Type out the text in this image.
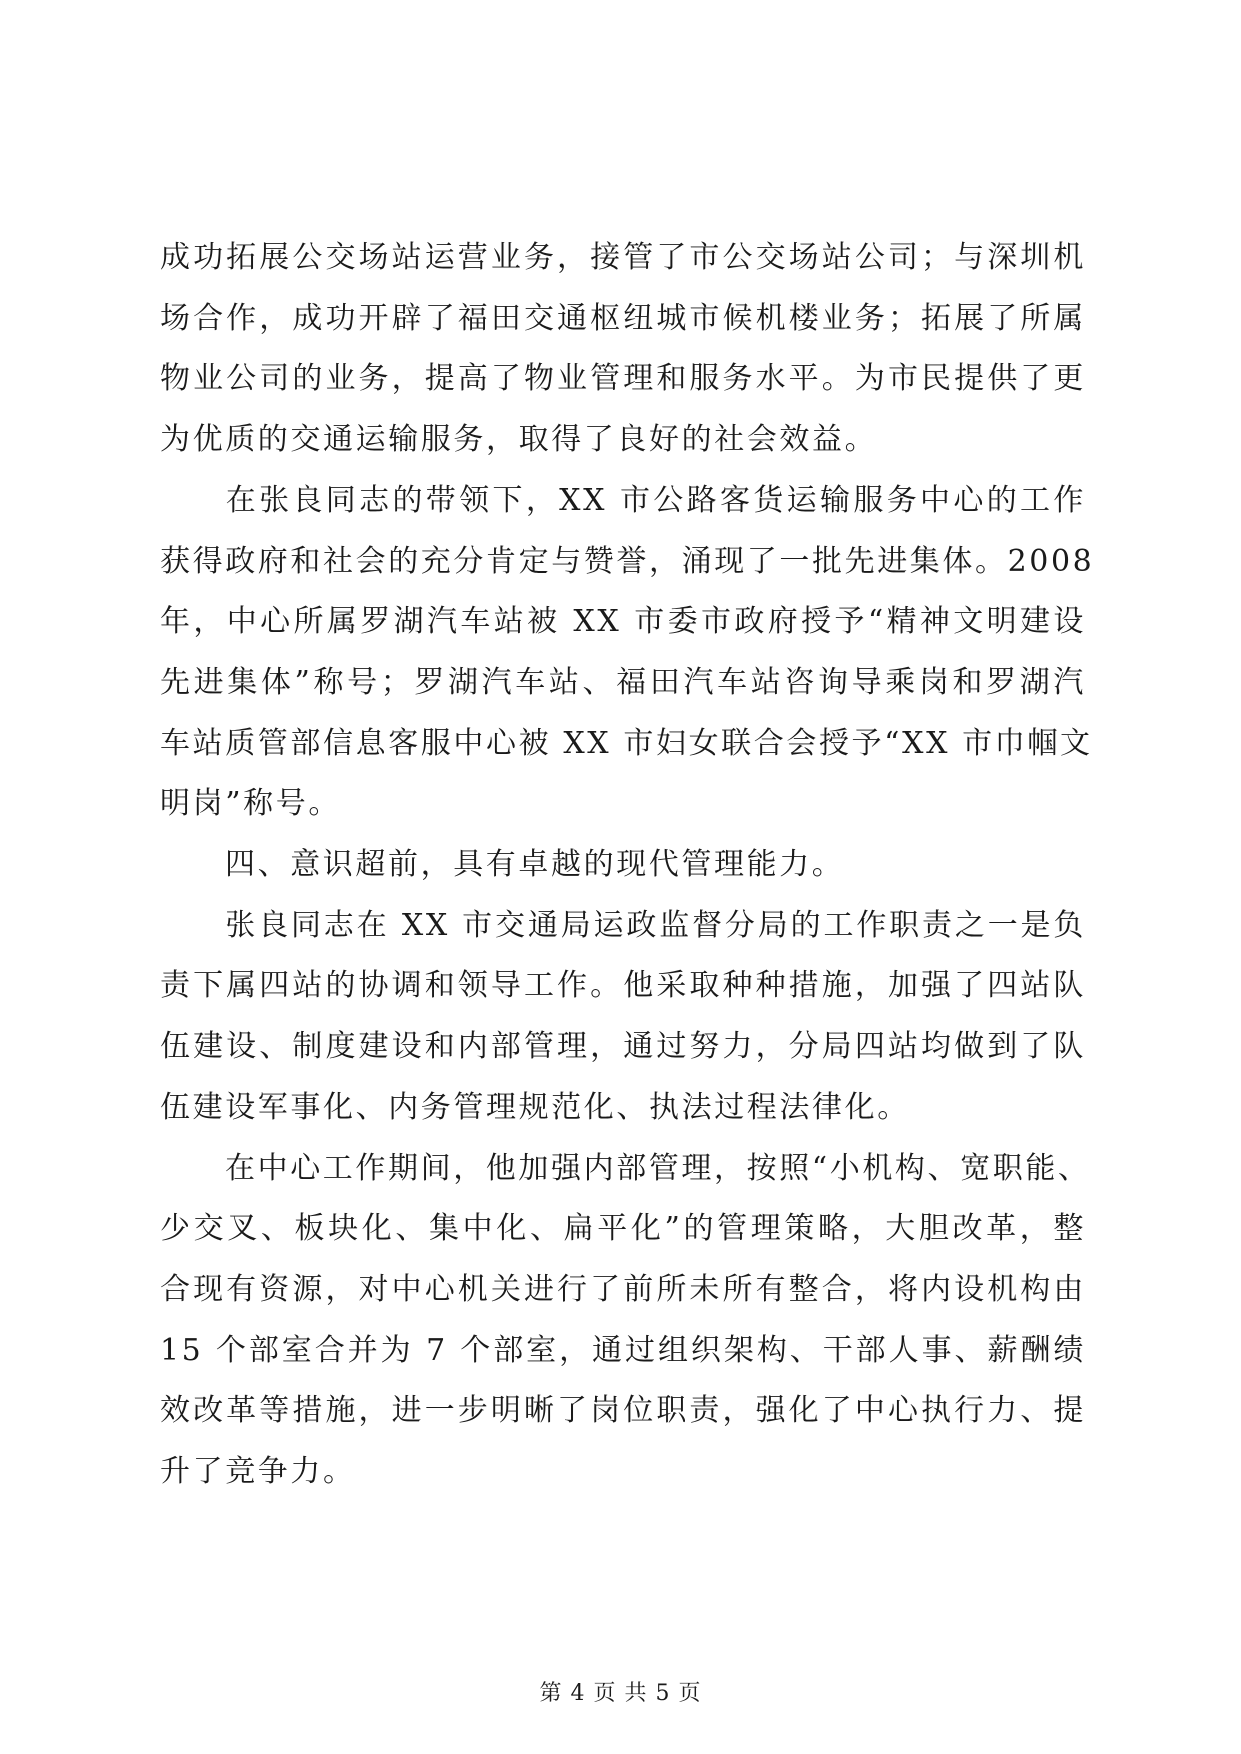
成功拓展公交场站运营业务，接管了市公交场站公司；与深圳机
场合作，成功开辟了福田交通枢纽城市候机楼业务；拓展了所属
物业公司的业务，提高了物业管理和服务水平。为市民提供了更
为优质的交通运输服务，取得了良好的社会效益。

在张良同志的带领下，XX 市公路客货运输服务中心的工作
获得政府和社会的充分肯定与赞誉，涌现了一批先进集体。2008
年，中心所属罗湖汽车站被 XX 市委市政府授予“精神文明建设
先进集体”称号；罗湖汽车站、福田汽车站咨询导乘岗和罗湖汽
车站质管部信息客服中心被 XX 市妇女联合会授予“XX 市巾帼文
明岗”称号。

四、意识超前，具有卓越的现代管理能力。

张良同志在 XX 市交通局运政监督分局的工作职责之一是负
责下属四站的协调和领导工作。他采取种种措施，加强了四站队
伍建设、制度建设和内部管理，通过努力，分局四站均做到了队
伍建设军事化、内务管理规范化、执法过程法律化。

在中心工作期间，他加强内部管理，按照“小机构、宽职能、
少交叉、板块化、集中化、扁平化”的管理策略，大胆改革，整
合现有资源，对中心机关进行了前所未所有整合，将内设机构由
15 个部室合并为 7 个部室，通过组织架构、干部人事、薪酬绩
效改革等措施，进一步明晰了岗位职责，强化了中心执行力、提
升了竞争力。

第 4 页 共 5 页
